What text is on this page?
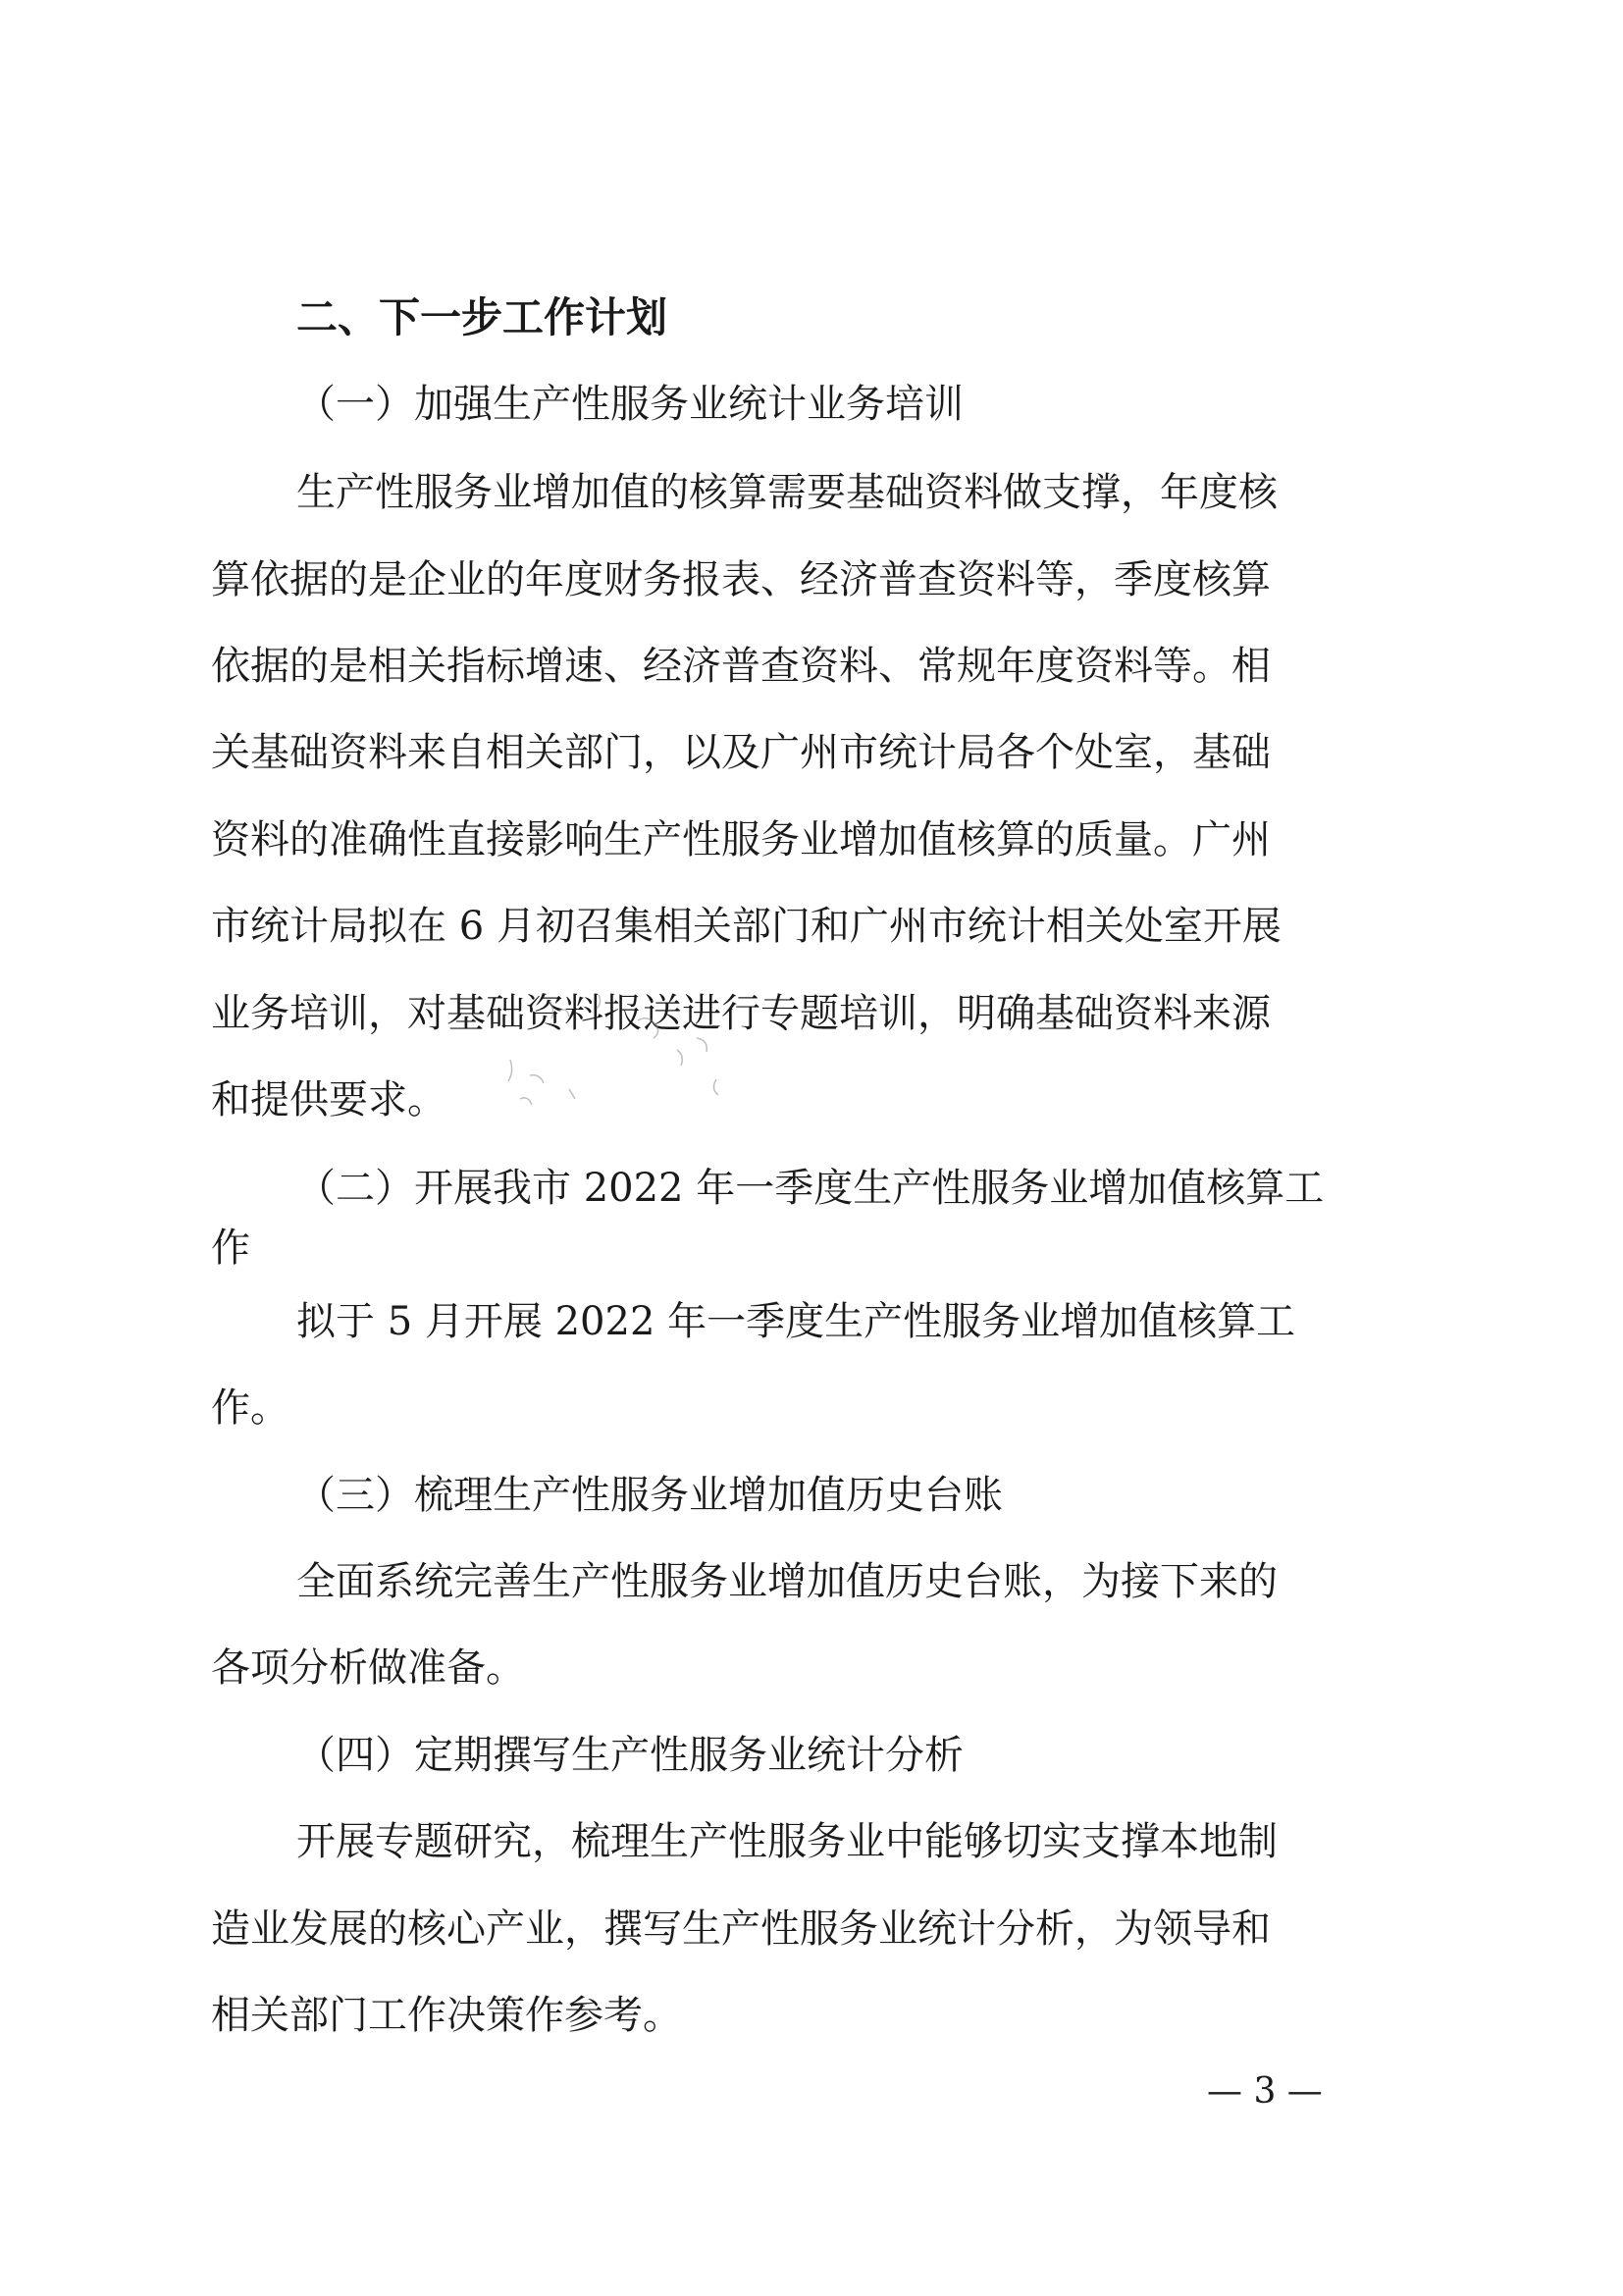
二、下一步工作计划
（一）加强生产性服务业统计业务培训
生产性服务业增加值的核算需要基础资料做支撑，年度核
算依据的是企业的年度财务报表、经济普查资料等，季度核算
依据的是相关指标增速、经济普查资料、常规年度资料等。相
关基础资料来自相关部门，以及广州市统计局各个处室，基础
资料的准确性直接影响生产性服务业增加值核算的质量。广州
市统计局拟在 6 月初召集相关部门和广州市统计相关处室开展
业务培训，对基础资料报送进行专题培训，明确基础资料来源
和提供要求。
（二）开展我市 2022 年一季度生产性服务业增加值核算工
作
拟于 5 月开展 2022 年一季度生产性服务业增加值核算工
作。
（三）梳理生产性服务业增加值历史台账
全面系统完善生产性服务业增加值历史台账，为接下来的
各项分析做准备。
（四）定期撰写生产性服务业统计分析
开展专题研究，梳理生产性服务业中能够切实支撑本地制
造业发展的核心产业，撰写生产性服务业统计分析，为领导和
相关部门工作决策作参考。
— 3 —
